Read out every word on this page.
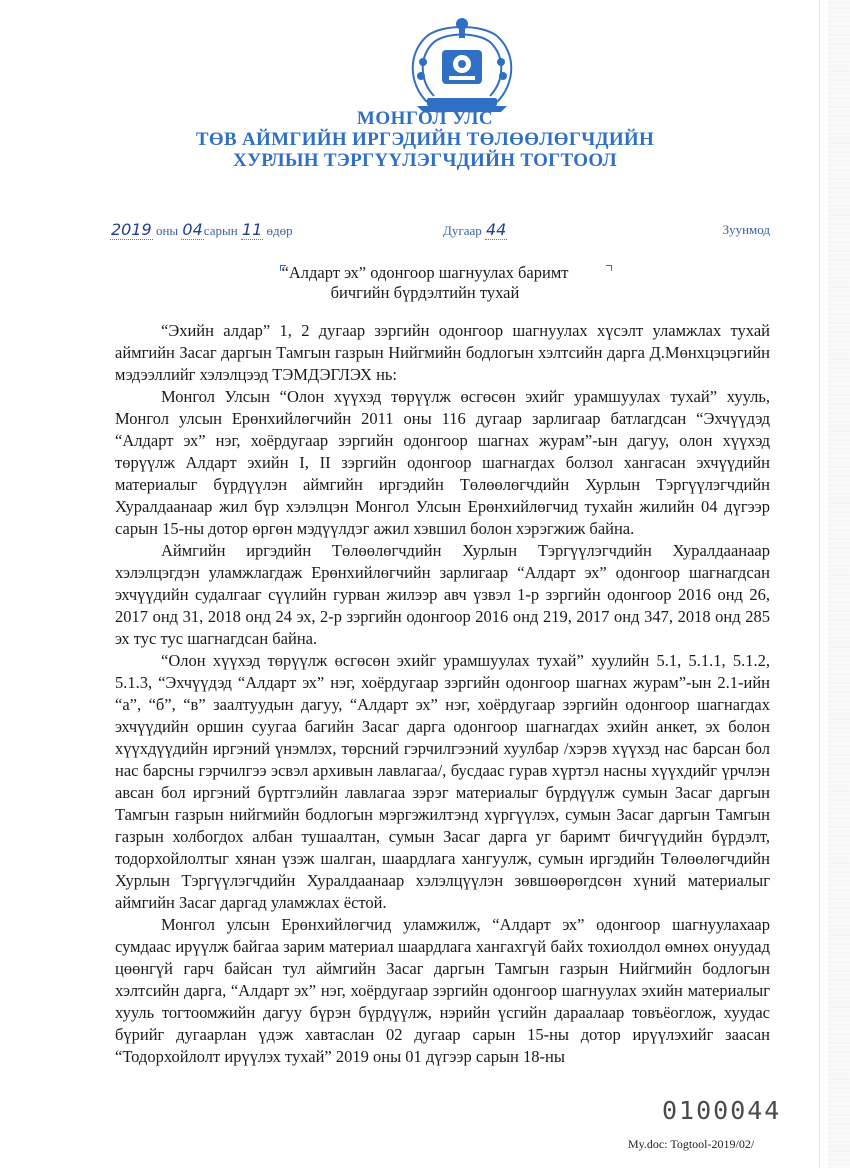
МОНГОЛ УЛС
ТӨВ АЙМГИЙН ИРГЭДИЙН ТӨЛӨӨЛӨГЧДИЙН
ХУРЛЫН ТЭРГҮҮЛЭГЧДИЙН ТОГТООЛ
2019 оны 04сарын 11 өдөр	Дугаар 44	Зуунмод
“Алдарт эх” одонгоор шагнуулах баримт
бичгийн бүрдэлтийн тухай

“Эхийн алдар” 1, 2 дугаар зэргийн одонгоор шагнуулах хүсэлт уламжлах тухай аймгийн Засаг даргын Тамгын газрын Нийгмийн бодлогын хэлтсийн дарга Д.Мөнхцэцэгийн мэдээллийг хэлэлцээд ТЭМДЭГЛЭХ нь:

Монгол Улсын “Олон хүүхэд төрүүлж өсгөсөн эхийг урамшуулах тухай” хууль, Монгол улсын Ерөнхийлөгчийн 2011 оны 116 дугаар зарлигаар батлагдсан “Эхчүүдэд “Алдарт эх” нэг, хоёрдугаар зэргийн одонгоор шагнах журам”-ын дагуу, олон хүүхэд төрүүлж Алдарт эхийн I, II зэргийн одонгоор шагнагдах болзол хангасан эхчүүдийн материалыг бүрдүүлэн аймгийн иргэдийн Төлөөлөгчдийн Хурлын Тэргүүлэгчдийн Хуралдаанаар жил бүр хэлэлцэн Монгол Улсын Ерөнхийлөгчид тухайн жилийн 04 дүгээр сарын 15-ны дотор өргөн мэдүүлдэг ажил хэвшил болон хэрэгжиж байна.

Аймгийн иргэдийн Төлөөлөгчдийн Хурлын Тэргүүлэгчдийн Хуралдаанаар хэлэлцэгдэн уламжлагдаж Ерөнхийлөгчийн зарлигаар “Алдарт эх” одонгоор шагнагдсан эхчүүдийн судалгааг сүүлийн гурван жилээр авч үзвэл 1-р зэргийн одонгоор 2016 онд 26, 2017 онд 31, 2018 онд 24 эх, 2-р зэргийн одонгоор 2016 онд 219, 2017 онд 347, 2018 онд 285 эх тус тус шагнагдсан байна.

“Олон хүүхэд төрүүлж өсгөсөн эхийг урамшуулах тухай” хуулийн 5.1, 5.1.1, 5.1.2, 5.1.3, “Эхчүүдэд “Алдарт эх” нэг, хоёрдугаар зэргийн одонгоор шагнах журам”-ын 2.1-ийн “а”, “б”, “в” заалтуудын дагуу, “Алдарт эх” нэг, хоёрдугаар зэргийн одонгоор шагнагдах эхчүүдийн оршин суугаа багийн Засаг дарга одонгоор шагнагдах эхийн анкет, эх болон хүүхдүүдийн иргэний үнэмлэх, төрсний гэрчилгээний хуулбар /хэрэв хүүхэд нас барсан бол нас барсны гэрчилгээ эсвэл архивын лавлагаа/, бусдаас гурав хүртэл насны хүүхдийг үрчлэн авсан бол иргэний бүртгэлийн лавлагаа зэрэг материалыг бүрдүүлж сумын Засаг даргын Тамгын газрын нийгмийн бодлогын мэргэжилтэнд хүргүүлэх, сумын Засаг даргын Тамгын газрын холбогдох албан тушаалтан, сумын Засаг дарга уг баримт бичгүүдийн бүрдэлт, тодорхойлолтыг хянан үзэж шалган, шаардлага хангуулж, сумын иргэдийн Төлөөлөгчдийн Хурлын Тэргүүлэгчдийн Хуралдаанаар хэлэлцүүлэн зөвшөөрөгдсөн хүний материалыг аймгийн Засаг даргад уламжлах ёстой.

Монгол улсын Ерөнхийлөгчид уламжилж, “Алдарт эх” одонгоор шагнуулахаар сумдаас ирүүлж байгаа зарим материал шаардлага хангахгүй байх тохиолдол өмнөх онуудад цөөнгүй гарч байсан тул аймгийн Засаг даргын Тамгын газрын Нийгмийн бодлогын хэлтсийн дарга, “Алдарт эх” нэг, хоёрдугаар зэргийн одонгоор шагнуулах эхийн материалыг хууль тогтоомжийн дагуу бүрэн бүрдүүлж, нэрийн үсгийн дараалаар товъёоглож, хуудас бүрийг дугаарлан үдэж хавтаслан 02 дугаар сарын 15-ны дотор ирүүлэхийг заасан “Тодорхойлолт ирүүлэх тухай” 2019 оны 01 дүгээр сарын 18-ны

0100044
My.doc: Togtool-2019/02/
